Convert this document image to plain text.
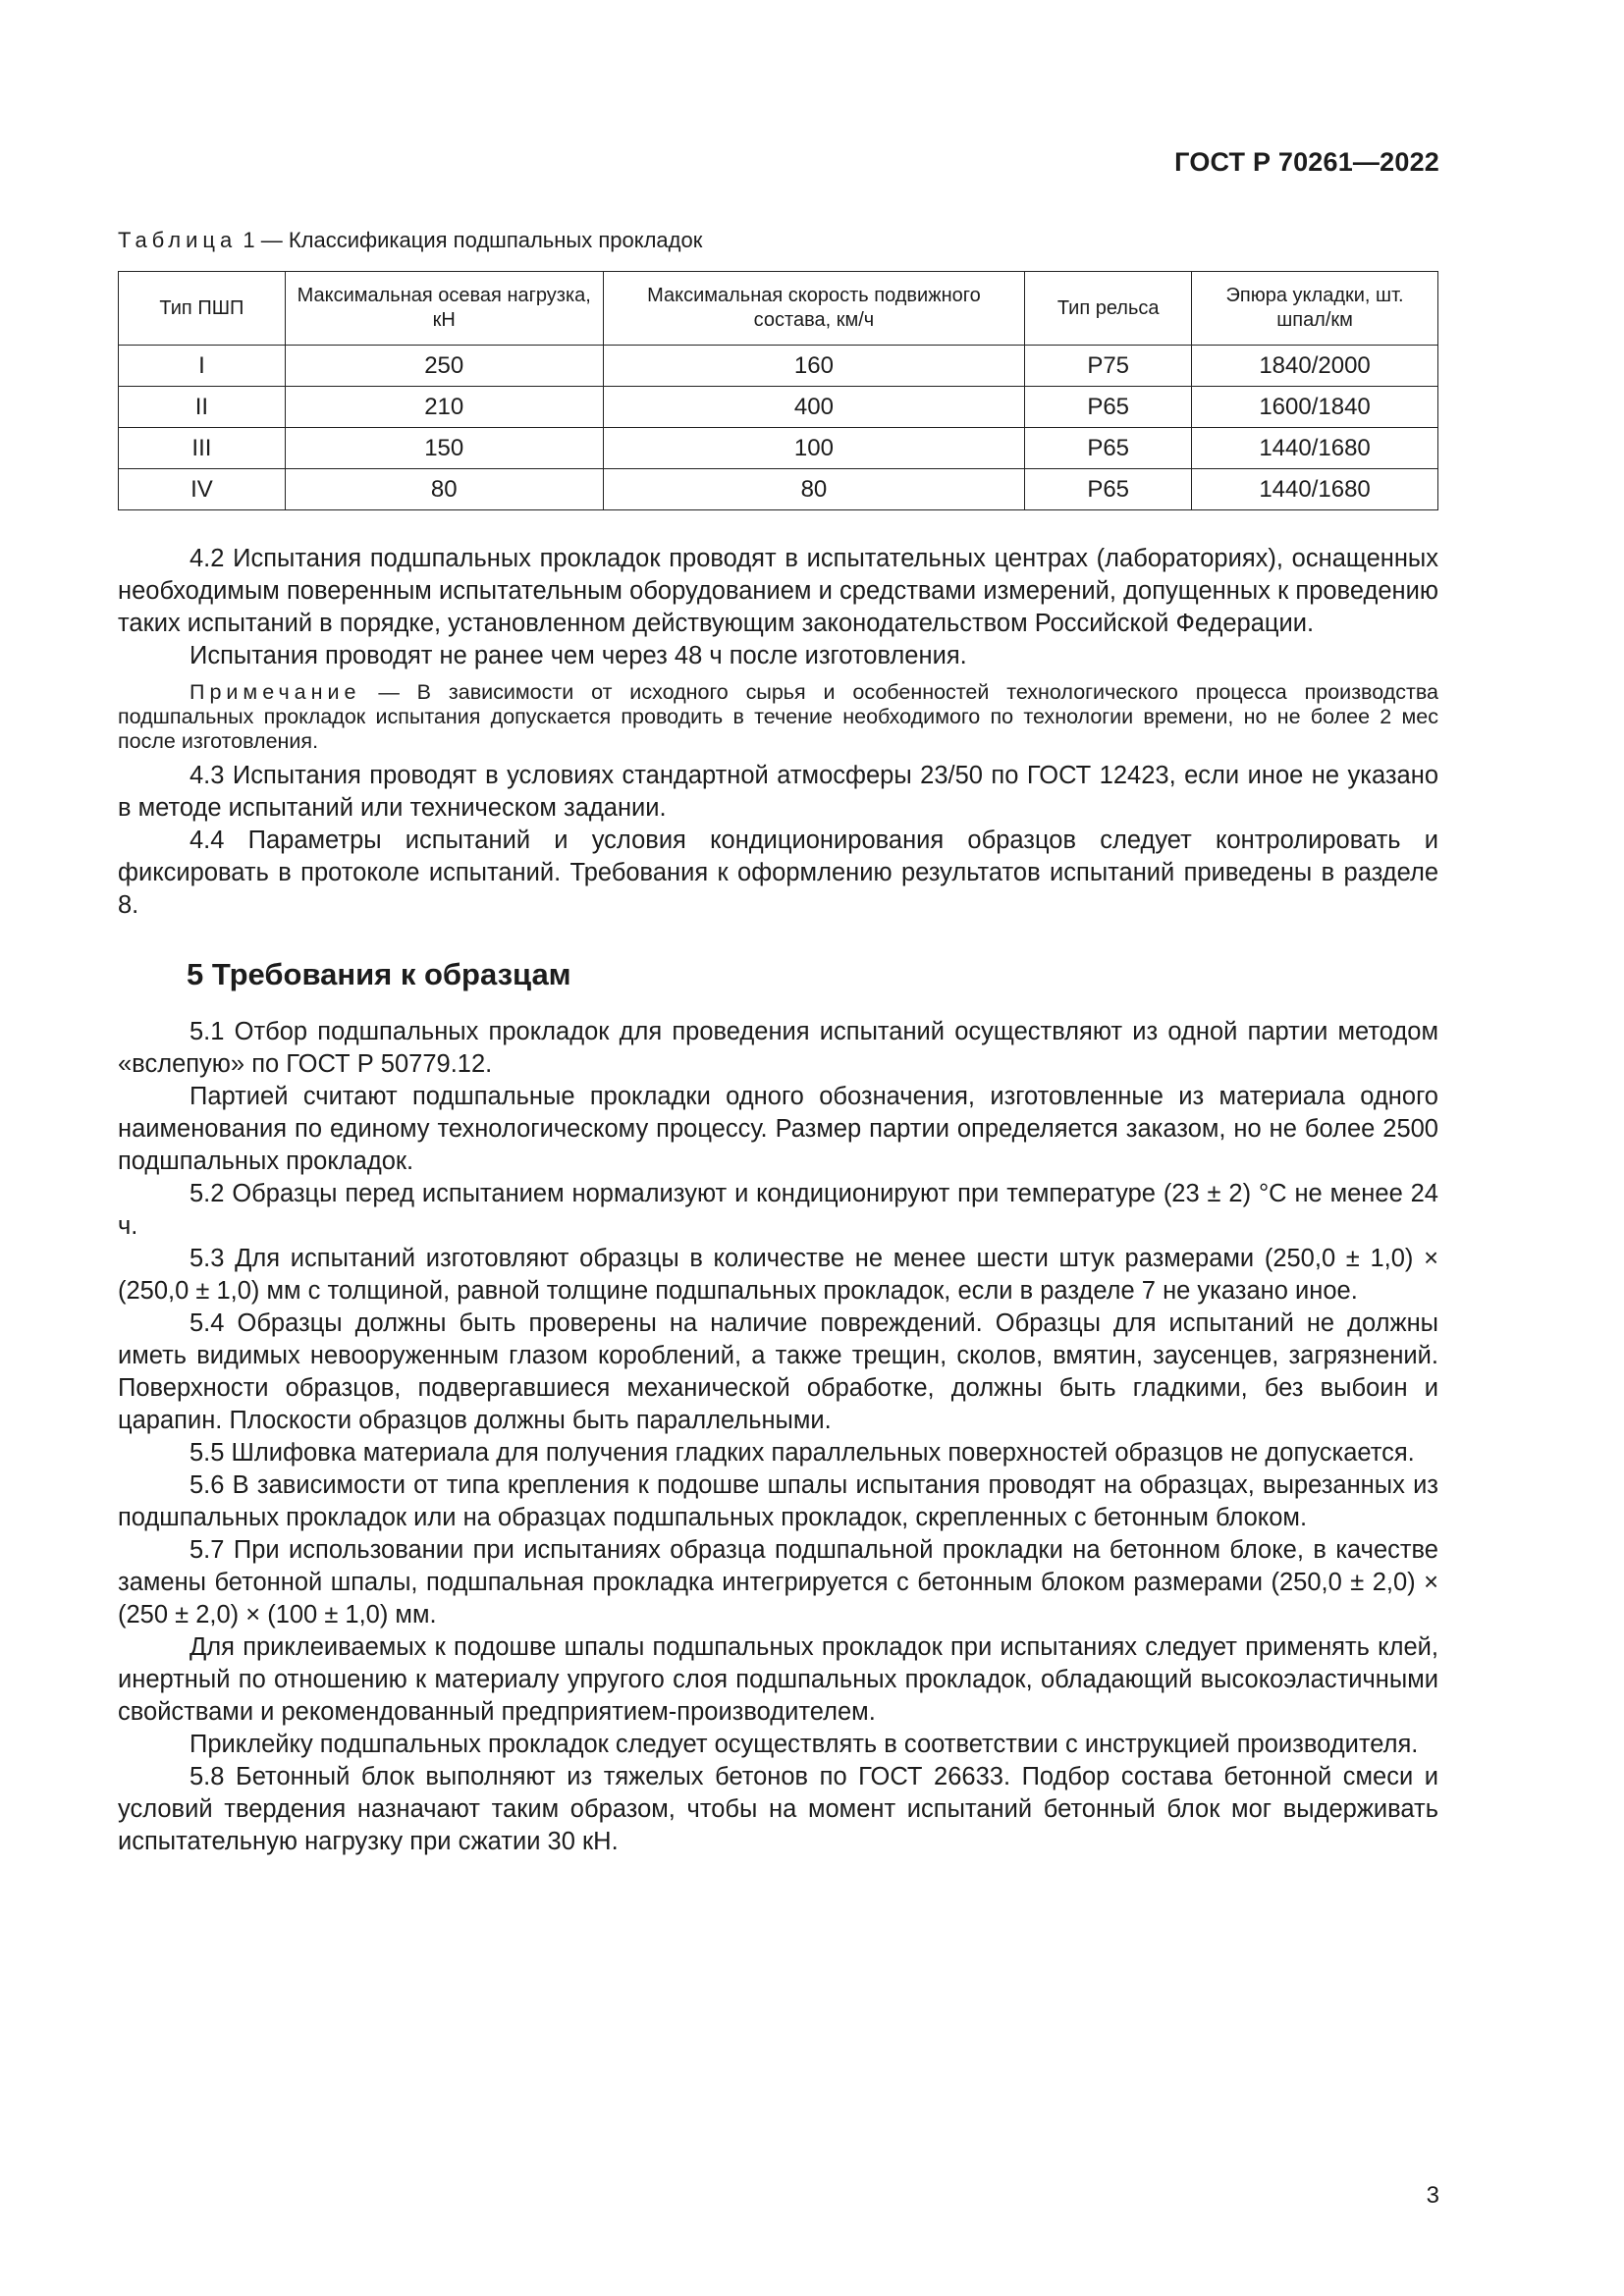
ГОСТ Р 70261—2022
Таблица 1 — Классификация подшпальных прокладок
Тип ПШП	Максимальная осевая нагрузка, кН	Максимальная скорость подвижного состава, км/ч	Тип рельса	Эпюра укладки, шт. шпал/км
I	250	160	Р75	1840/2000
II	210	400	Р65	1600/1840
III	150	100	Р65	1440/1680
IV	80	80	Р65	1440/1680

4.2 Испытания подшпальных прокладок проводят в испытательных центрах (лабораториях), оснащенных необходимым поверенным испытательным оборудованием и средствами измерений, допущенных к проведению таких испытаний в порядке, установленном действующим законодательством Российской Федерации.

Испытания проводят не ранее чем через 48 ч после изготовления.

Примечание — В зависимости от исходного сырья и особенностей технологического процесса производства подшпальных прокладок испытания допускается проводить в течение необходимого по технологии времени, но не более 2 мес после изготовления.

4.3 Испытания проводят в условиях стандартной атмосферы 23/50 по ГОСТ 12423, если иное не указано в методе испытаний или техническом задании.

4.4 Параметры испытаний и условия кондиционирования образцов следует контролировать и фиксировать в протоколе испытаний. Требования к оформлению результатов испытаний приведены в разделе 8.

5 Требования к образцам

5.1 Отбор подшпальных прокладок для проведения испытаний осуществляют из одной партии методом «вслепую» по ГОСТ Р 50779.12.

Партией считают подшпальные прокладки одного обозначения, изготовленные из материала одного наименования по единому технологическому процессу. Размер партии определяется заказом, но не более 2500 подшпальных прокладок.

5.2 Образцы перед испытанием нормализуют и кондиционируют при температуре (23 ± 2) °С не менее 24 ч.

5.3 Для испытаний изготовляют образцы в количестве не менее шести штук размерами (250,0 ± 1,0) × (250,0 ± 1,0) мм с толщиной, равной толщине подшпальных прокладок, если в разделе 7 не указано иное.

5.4 Образцы должны быть проверены на наличие повреждений. Образцы для испытаний не должны иметь видимых невооруженным глазом короблений, а также трещин, сколов, вмятин, заусенцев, загрязнений. Поверхности образцов, подвергавшиеся механической обработке, должны быть гладкими, без выбоин и царапин. Плоскости образцов должны быть параллельными.

5.5 Шлифовка материала для получения гладких параллельных поверхностей образцов не допускается.

5.6 В зависимости от типа крепления к подошве шпалы испытания проводят на образцах, вырезанных из подшпальных прокладок или на образцах подшпальных прокладок, скрепленных с бетонным блоком.

5.7 При использовании при испытаниях образца подшпальной прокладки на бетонном блоке, в качестве замены бетонной шпалы, подшпальная прокладка интегрируется с бетонным блоком размерами (250,0 ± 2,0) × (250 ± 2,0) × (100 ± 1,0) мм.

Для приклеиваемых к подошве шпалы подшпальных прокладок при испытаниях следует применять клей, инертный по отношению к материалу упругого слоя подшпальных прокладок, обладающий высокоэластичными свойствами и рекомендованный предприятием-производителем.

Приклейку подшпальных прокладок следует осуществлять в соответствии с инструкцией производителя.

5.8 Бетонный блок выполняют из тяжелых бетонов по ГОСТ 26633. Подбор состава бетонной смеси и условий твердения назначают таким образом, чтобы на момент испытаний бетонный блок мог выдерживать испытательную нагрузку при сжатии 30 кН.

3
